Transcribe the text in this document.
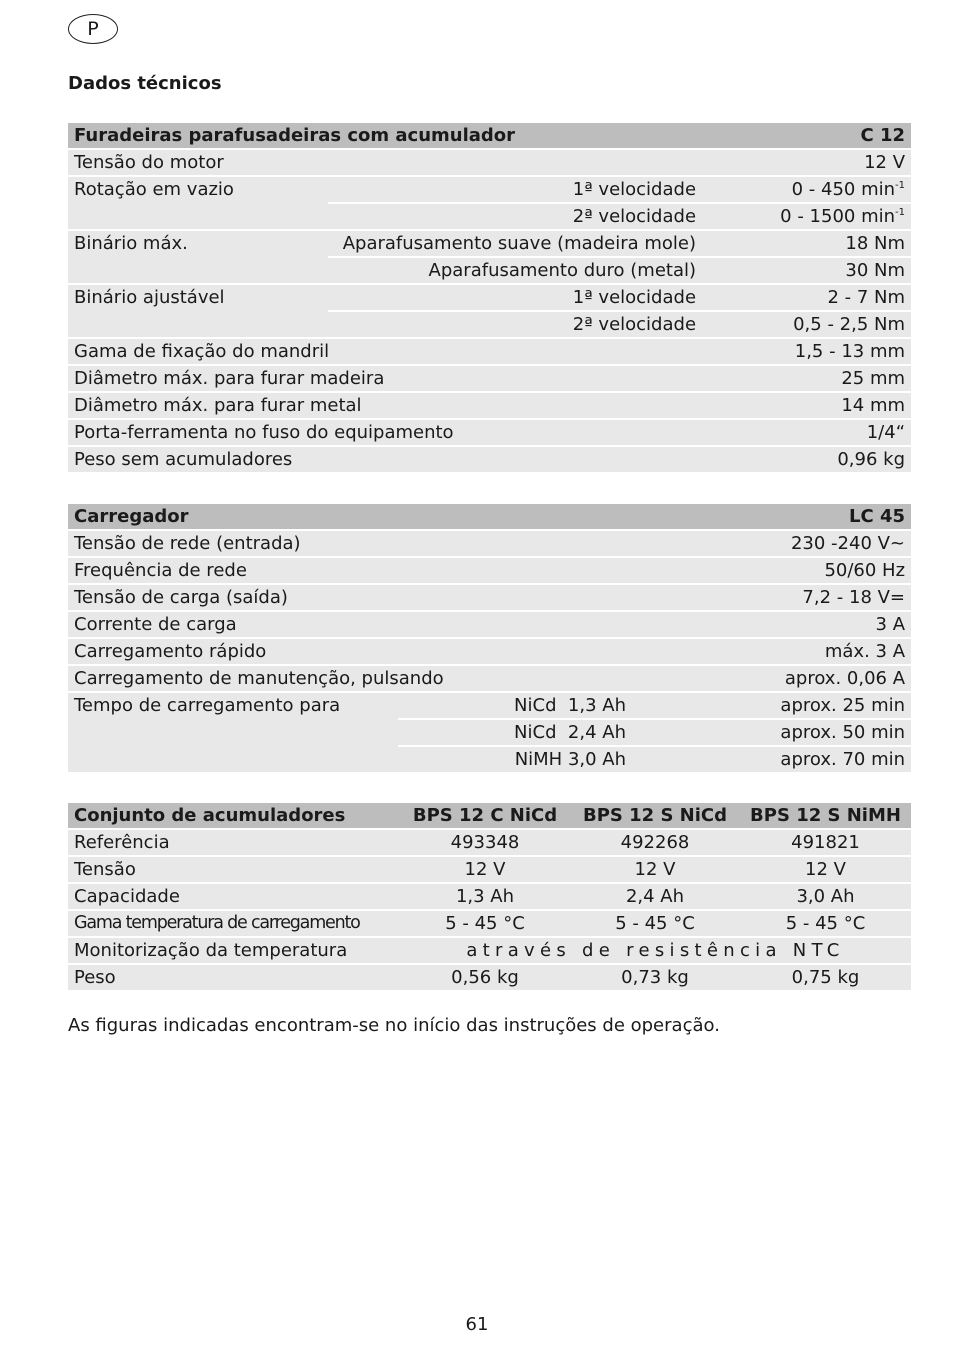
P
Dados técnicos
Furadeiras parafusadeiras com acumulador		C 12
Tensão do motor		12 V
Rotação em vazio	1ª velocidade	0 - 450 $\min^{-1}$
	2ª velocidade	0 - 1500 $\min^{-1}$
Binário máx.	Aparafusamento suave (madeira mole)	18 Nm
	Aparafusamento duro (metal)	30 Nm
Binário ajustável	1ª velocidade	2 - 7 Nm
	2ª velocidade	0,5 - 2,5 Nm
Gama de fixação do mandril		1,5 - 13 mm
Diâmetro máx. para furar madeira		25 mm
Diâmetro máx. para furar metal		14 mm
Porta-ferramenta no fuso do equipamento		1/4“
Peso sem acumuladores		0,96 kg
Carregador		LC 45
Tensão de rede (entrada)		230 -240 V~
Frequência de rede		50/60 Hz
Tensão de carga (saída)		7,2 - 18 V=
Corrente de carga		3 A
Carregamento rápido		máx. 3 A
Carregamento de manutenção, pulsando		aprox. 0,06 A
Tempo de carregamento para	NiCd  1,3 Ah	aprox. 25 min
	NiCd  2,4 Ah	aprox. 50 min
	NiMH 3,0 Ah	aprox. 70 min
Conjunto de acumuladores	BPS 12 C NiCd	BPS 12 S NiCd	BPS 12 S NiMH
Referência	493348	492268	491821
Tensão	12 V	12 V	12 V
Capacidade	1,3 Ah	2,4 Ah	3,0 Ah
Gama temperatura de carregamento	5 - 45 °C	5 - 45 °C	5 - 45 °C
Monitorização da temperatura	através de resistência NTC		
Peso	0,56 kg	0,73 kg	0,75 kg
As figuras indicadas encontram-se no início das instruções de operação.
61
